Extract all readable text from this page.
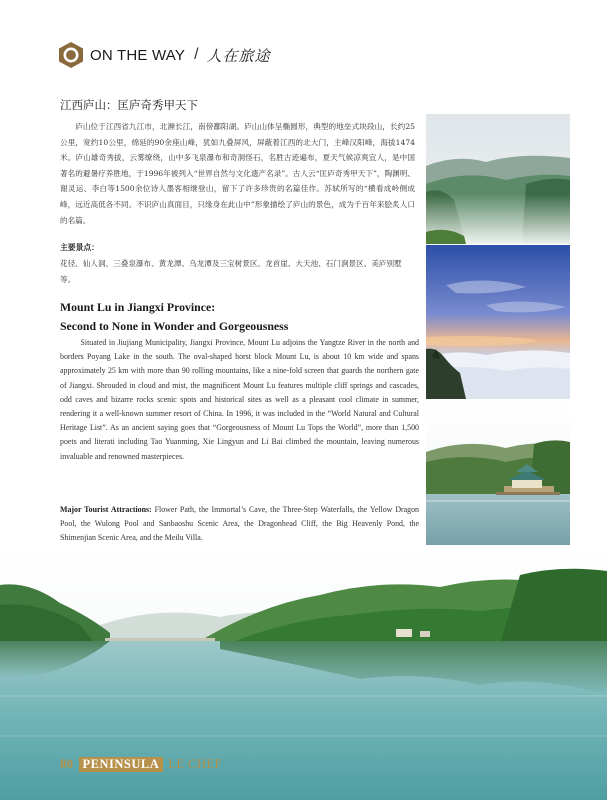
ON THE WAY / 人在旅途
江西庐山：匡庐奇秀甲天下

庐山位于江西省九江市，北濒长江，南傍鄱阳湖。庐山山体呈椭圆形，典型的地垒式块段山，长约25公里，宽约10公里，绵延的90余座山峰，犹如九叠屏风，屏蔽着江西的北大门，主峰汉阳峰，海拔1474米。庐山雄奇秀拔，云雾缭绕，山中多飞泉瀑布和奇洞怪石，名胜古迹遍布，夏天气候凉爽宜人，是中国著名的避暑疗养胜地，于1996年被列入“世界自然与文化遗产名录”。古人云“匡庐奇秀甲天下”，陶渊明、谢灵运、李白等1500余位诗人墨客相继登山，留下了许多珍贵的名篇佳作。苏轼所写的“横看成岭侧成峰，远近高低各不同。不识庐山真面目，只缘身在此山中”形象描绘了庐山的景色，成为千百年来脍炙人口的名篇。

主要景点：

花径、仙人洞、三叠泉瀑布、黄龙潭、乌龙潭及三宝树景区、龙首崖、大天池、石门涧景区、美庐别墅等。

Mount Lu in Jiangxi Province:
Second to None in Wonder and Gorgeousness

Situated in Jiujiang Municipality, Jiangxi Province, Mount Lu adjoins the Yangtze River in the north and borders Poyang Lake in the south. The oval-shaped horst block Mount Lu, is about 10 km wide and spans approximately 25 km with more than 90 rolling mountains, like a nine-fold screen that guards the northern gate of Jiangxi. Shrouded in cloud and mist, the magnificent Mount Lu features multiple cliff springs and cascades, odd caves and bizarre rocks scenic spots and historical sites as well as a pleasant cool climate in summer, rendering it a well-known summer resort of China. In 1996, it was included in the “World Natural and Cultural Heritage List”. As an ancient saying goes that “Gorgeousness of Mount Lu Tops the World”, more than 1,500 poets and literati including Tao Yuanming, Xie Lingyun and Li Bai climbed the mountain, leaving numerous invaluable and renowned masterpieces.

Major Tourist Attractions: Flower Path, the Immortal’s Cave, the Three-Step Waterfalls, the Yellow Dragon Pool, the Wulong Pool and Sanbaoshu Scenic Area, the Dragonhead Cliff, the Big Heavenly Pond, the Shimenjian Scenic Area, and the Meilu Villa.

80 PENINSULA LE CHEF
